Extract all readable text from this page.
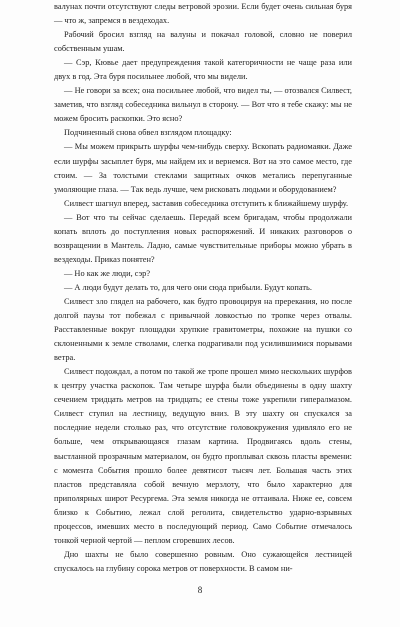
валунах почти отсутствуют следы ветровой эрозии. Если будет очень сильная буря — что ж, запремся в вездеходах.

Рабочий бросил взгляд на валуны и покачал головой, словно не поверил собственным ушам.

— Сэр, Кювье дает предупреждения такой категоричности не чаще раза или двух в год. Эта буря посильнее любой, что мы видели.

— Не говори за всех; она посильнее любой, что видел ты, — отозвался Силвест, заметив, что взгляд собеседника вильнул в сторону. — Вот что я тебе скажу: мы не можем бросить раскопки. Это ясно?

Подчиненный снова обвел взглядом площадку:

— Мы можем прикрыть шурфы чем-нибудь сверху. Вскопать радиомаяки. Даже если шурфы засыплет буря, мы найдем их и вернемся. Вот на это самое место, где стоим. — За толстыми стеклами защитных очков метались перепуганные умоляющие глаза. — Так ведь лучше, чем рисковать людьми и оборудованием?

Силвест шагнул вперед, заставив собеседника отступить к ближайшему шурфу.

— Вот что ты сейчас сделаешь. Передай всем бригадам, чтобы продолжали копать вплоть до поступления новых распоряжений. И никаких разговоров о возвращении в Мантель. Ладно, самые чувствительные приборы можно убрать в вездеходы. Приказ понятен?

— Но как же люди, сэр?

— А люди будут делать то, для чего они сюда прибыли. Будут копать.

Силвест зло глядел на рабочего, как будто провоцируя на пререкания, но после долгой паузы тот побежал с привычной ловкостью по тропке через отвалы. Расставленные вокруг площадки хрупкие гравитометры, похожие на пушки со склоненными к земле стволами, слегка подрагивали под усилившимися порывами ветра.

Силвест подождал, а потом по такой же тропе прошел мимо нескольких шурфов к центру участка раскопок. Там четыре шурфа были объединены в одну шахту сечением тридцать метров на тридцать; ее стены тоже укрепили гипералмазом. Силвест ступил на лестницу, ведущую вниз. В эту шахту он спускался за последние недели столько раз, что отсутствие головокружения удивляло его не больше, чем открывающаяся глазам картина. Продвигаясь вдоль стены, выстланной прозрачным материалом, он будто проплывал сквозь пласты времени: с момента События прошло более девятисот тысяч лет. Большая часть этих пластов представляла собой вечную мерзлоту, что было характерно для приполярных широт Ресургема. Эта земля никогда не оттаивала. Ниже ее, совсем близко к Событию, лежал слой реголита, свидетельство ударно-взрывных процессов, имевших место в последующий период. Само Событие отмечалось тонкой черной чертой — пеплом сгоревших лесов.

Дно шахты не было совершенно ровным. Оно сужающейся лестницей спускалось на глубину сорока метров от поверхности. В самом ни-

8
